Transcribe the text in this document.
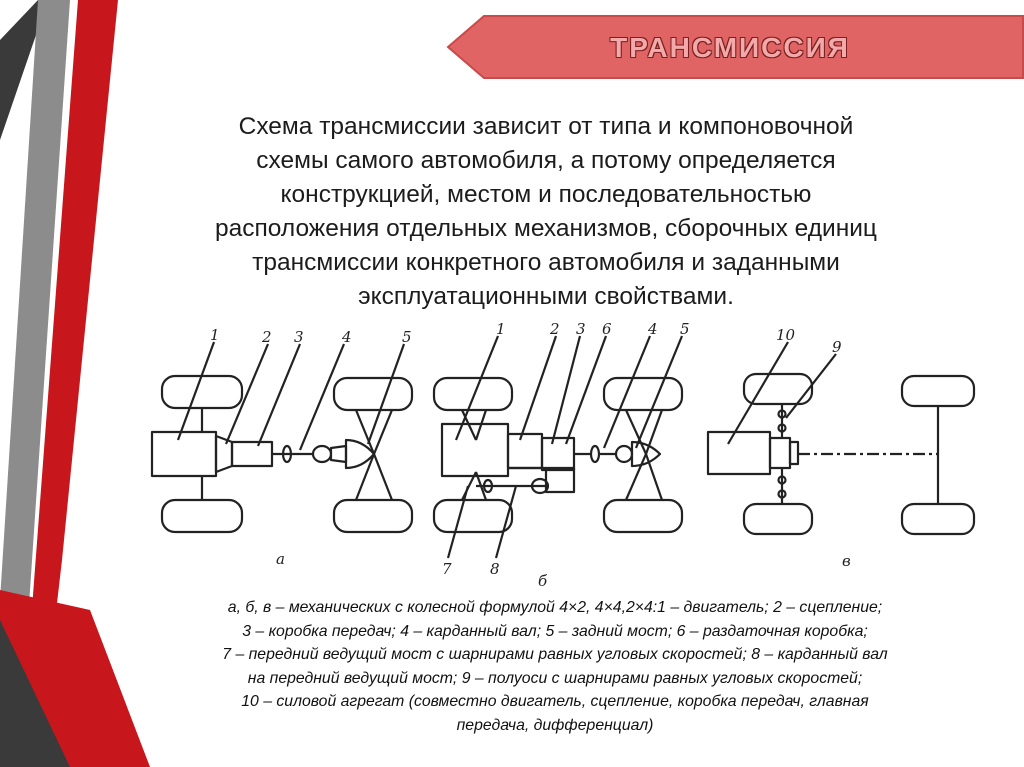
ТРАНСМИССИЯ
Схема трансмиссии зависит от типа и компоновочной
схемы самого автомобиля, а потому определяется
конструкцией, местом и последовательностью
расположения отдельных механизмов, сборочных единиц
трансмиссии конкретного автомобиля и заданными
эксплуатационными свойствами.
1	2 3	4	5
а
1	2 3 6 4 5
7	8
б
10
9
в
а, б, в – механических с колесной формулой 4×2, 4×4,2×4:1 – двигатель; 2 – сцепление;
3 – коробка передач; 4 – карданный вал; 5 – задний мост; 6 – раздаточная коробка;
7 – передний ведущий мост с шарнирами равных угловых скоростей; 8 – карданный вал
на передний ведущий мост; 9 – полуоси с шарнирами равных угловых скоростей;
10 – силовой агрегат (совместно двигатель, сцепление, коробка передач, главная
передача, дифференциал)
